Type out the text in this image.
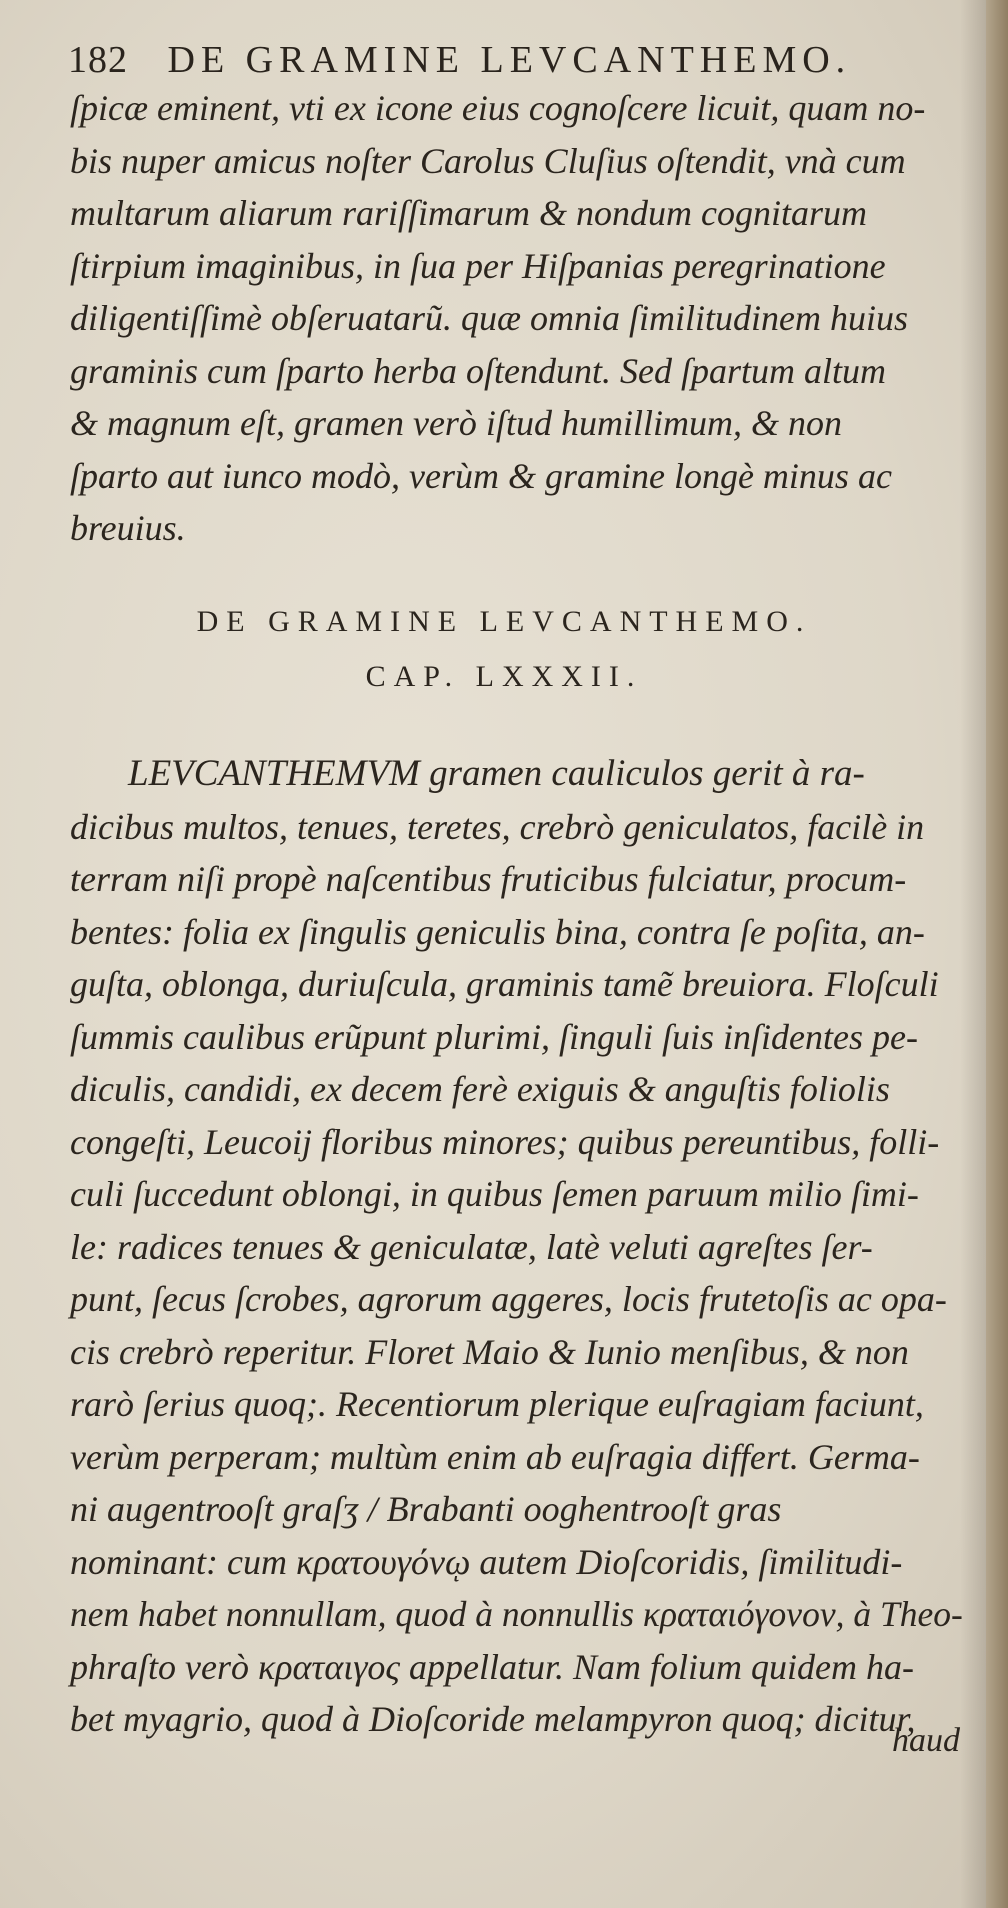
182 DE GRAMINE LEVCANTHEMO.
ſpicæ eminent, vti ex icone eius cognoſcere licuit, quam no-
bis nuper amicus noſter Carolus Cluſius oſtendit, vnà cum
multarum aliarum rariſſimarum & nondum cognitarum
ſtirpium imaginibus, in ſua per Hiſpanias peregrinatione
diligentiſſimè obſeruatarũ. quæ omnia ſimilitudinem huius
graminis cum ſparto herba oſtendunt. Sed ſpartum altum
& magnum eſt, gramen verò iſtud humillimum, & non
ſparto aut iunco modò, verùm & gramine longè minus ac
breuius.
DE GRAMINE LEVCANTHEMO.
CAP. LXXXII.
LEVCANTHEMVM gramen cauliculos gerit à ra-
dicibus multos, tenues, teretes, crebrò geniculatos, facilè in
terram niſi propè naſcentibus fruticibus fulciatur, procum-
bentes: folia ex ſingulis geniculis bina, contra ſe poſita, an-
guſta, oblonga, duriuſcula, graminis tamẽ breuiora. Floſculi
ſummis caulibus erũpunt plurimi, ſinguli ſuis inſidentes pe-
diculis, candidi, ex decem ferè exiguis & anguſtis foliolis
congeſti, Leucoij floribus minores; quibus pereuntibus, folli-
culi ſuccedunt oblongi, in quibus ſemen paruum milio ſimi-
le: radices tenues & geniculatæ, latè veluti agreſtes ſer-
punt, ſecus ſcrobes, agrorum aggeres, locis frutetoſis ac opa-
cis crebrò reperitur. Floret Maio & Iunio menſibus, & non
rarò ſerius quoq;. Recentiorum plerique euſragiam faciunt,
verùm perperam; multùm enim ab euſragia differt. Germa-
ni augentrooſt graſʒ / Brabanti ooghentrooſt gras
nominant: cum κρατουγόνῳ autem Dioſcoridis, ſimilitudi-
nem habet nonnullam, quod à nonnullis κραταιόγονον, à Theo-
phraſto verò κραταιγος appellatur. Nam folium quidem ha-
bet myagrio, quod à Dioſcoride melampyron quoq; dicitur,
haud
